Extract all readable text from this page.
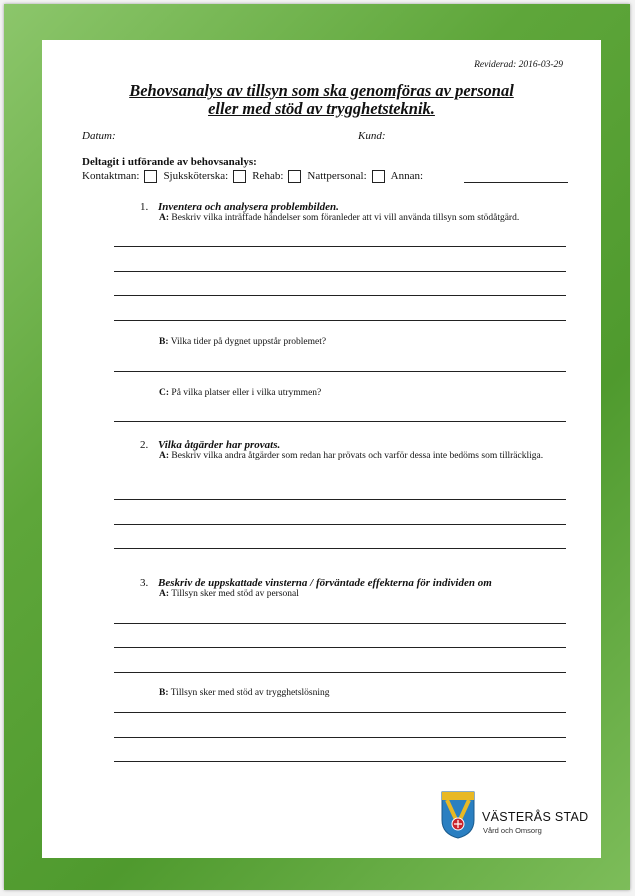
Reviderad: 2016-03-29
Behovsanalys av tillsyn som ska genomföras av personal
eller med stöd av trygghetsteknik.
Datum:	Kund:
Deltagit i utförande av behovsanalys:
Kontaktman: Sjuksköterska: Rehab: Nattpersonal: Annan:
1. Inventera och analysera problembilden.
A: Beskriv vilka inträffade händelser som föranleder att vi vill använda tillsyn som stödåtgärd.
B: Vilka tider på dygnet uppstår problemet?
C: På vilka platser eller i vilka utrymmen?
2. Vilka åtgärder har provats.
A: Beskriv vilka andra åtgärder som redan har prövats och varför dessa inte bedöms som tillräckliga.
3. Beskriv de uppskattade vinsterna / förväntade effekterna för individen om
A: Tillsyn sker med stöd av personal
B: Tillsyn sker med stöd av trygghetslösning
VÄSTERÅS STAD
Vård och Omsorg
